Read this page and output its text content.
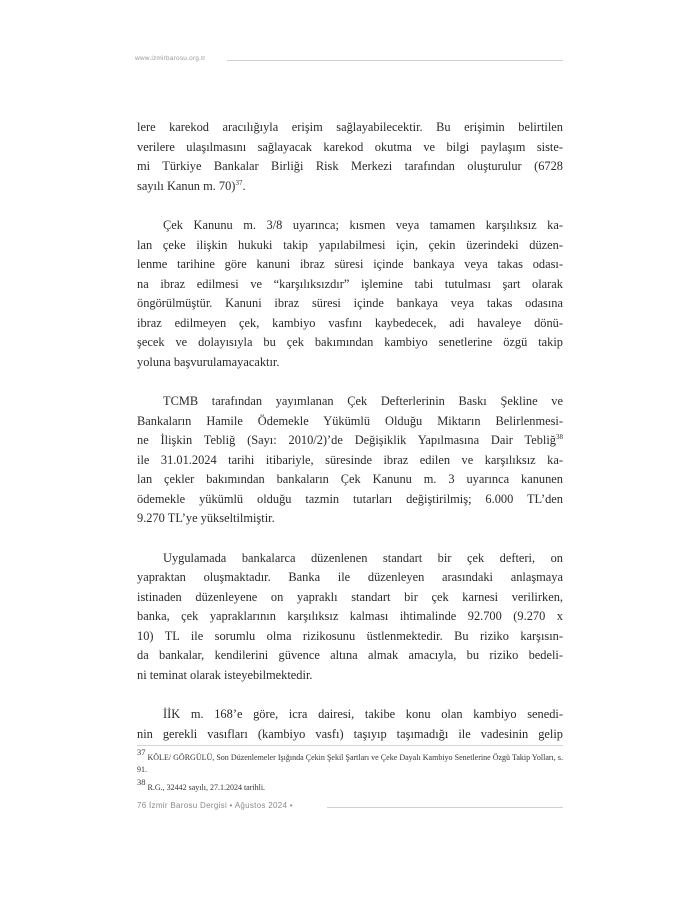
www.izmirbarosu.org.tr

lere karekod aracılığıyla erişim sağlayabilecektir. Bu erişimin belirtilen
verilere ulaşılmasını sağlayacak karekod okutma ve bilgi paylaşım siste-
mi Türkiye Bankalar Birliği Risk Merkezi tarafından oluşturulur (6728
sayılı Kanun m. 70)$^{37}$.

Çek Kanunu m. 3/8 uyarınca; kısmen veya tamamen karşılıksız ka-
lan çeke ilişkin hukuki takip yapılabilmesi için, çekin üzerindeki düzen-
lenme tarihine göre kanuni ibraz süresi içinde bankaya veya takas odası-
na ibraz edilmesi ve “karşılıksızdır” işlemine tabi tutulması şart olarak
öngörülmüştür. Kanuni ibraz süresi içinde bankaya veya takas odasına
ibraz edilmeyen çek, kambiyo vasfını kaybedecek, adi havaleye dönü-
şecek ve dolayısıyla bu çek bakımından kambiyo senetlerine özgü takip
yoluna başvurulamayacaktır.

TCMB tarafından yayımlanan Çek Defterlerinin Baskı Şekline ve
Bankaların Hamile Ödemekle Yükümlü Olduğu Miktarın Belirlenmesi-
ne İlişkin Tebliğ (Sayı: 2010/2)’de Değişiklik Yapılmasına Dair Tebliğ$^{38}$
ile 31.01.2024 tarihi itibariyle, süresinde ibraz edilen ve karşılıksız ka-
lan çekler bakımından bankaların Çek Kanunu m. 3 uyarınca kanunen
ödemekle yükümlü olduğu tazmin tutarları değiştirilmiş; 6.000 TL’den
9.270 TL’ye yükseltilmiştir.

Uygulamada bankalarca düzenlenen standart bir çek defteri, on
yapraktan oluşmaktadır. Banka ile düzenleyen arasındaki anlaşmaya
istinaden düzenleyene on yapraklı standart bir çek karnesi verilirken,
banka, çek yapraklarının karşılıksız kalması ihtimalinde 92.700 (9.270 x
10) TL ile sorumlu olma rizikosunu üstlenmektedir. Bu riziko karşısın-
da bankalar, kendilerini güvence altına almak amacıyla, bu riziko bedeli-
ni teminat olarak isteyebilmektedir.

İİK m. 168’e göre, icra dairesi, takibe konu olan kambiyo senedi-
nin gerekli vasıfları (kambiyo vasfı) taşıyıp taşımadığı ile vadesinin gelip

$^{37}$KÖLE/ GÖRGÜLÜ, Son Düzenlemeler Işığında Çekin Şekil Şartları ve Çeke Dayalı Kambiyo Senetlerine Özgü Takip Yolları, s. 91.

$^{38}$R.G., 32442 sayılı, 27.1.2024 tarihli.

76 İzmir Barosu Dergisi • Ağustos 2024 •
